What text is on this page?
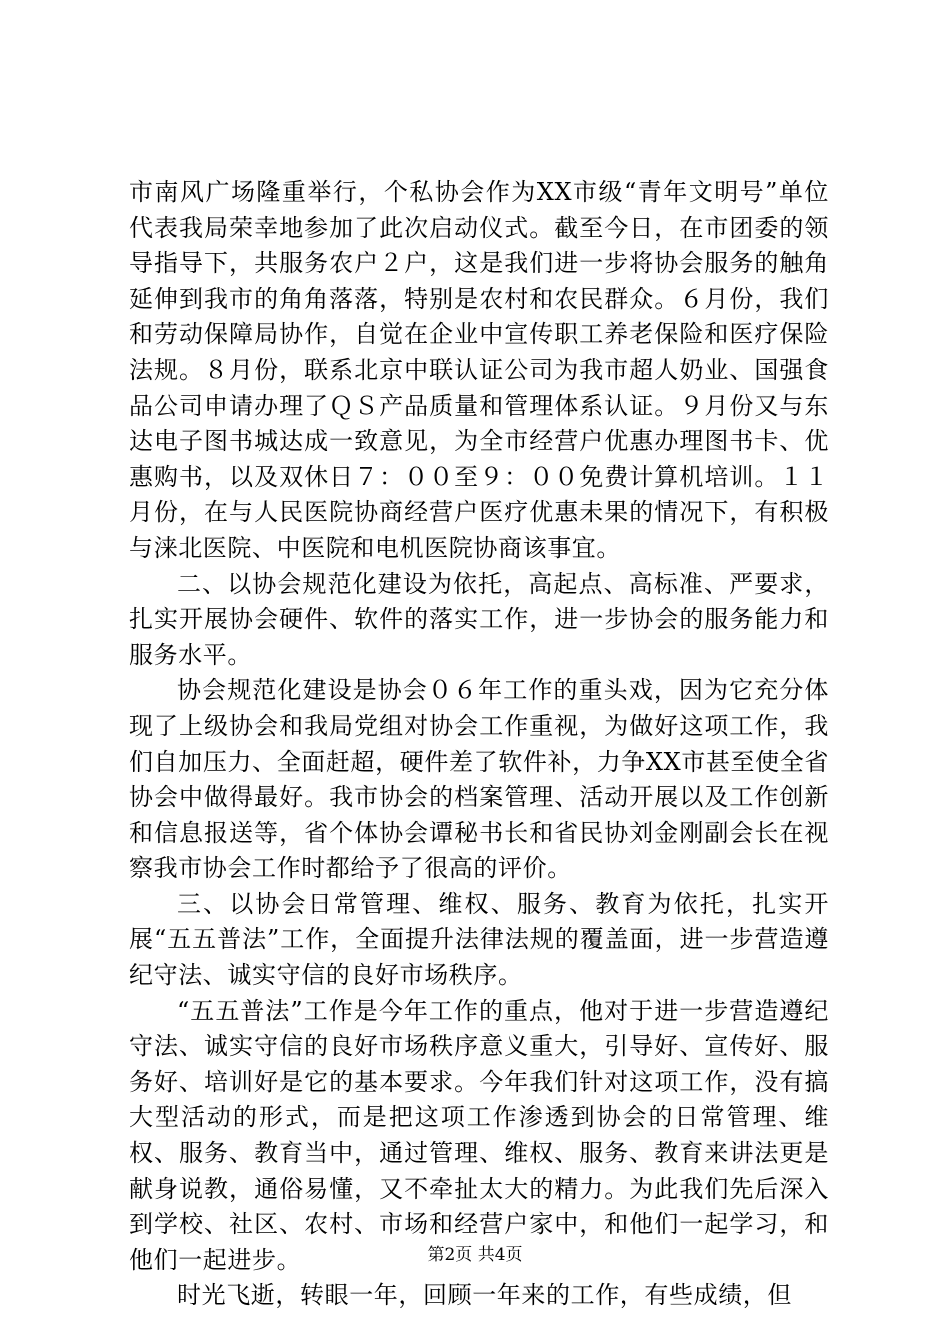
市南风广场隆重举行，个私协会作为XX市级“青年文明号”单位代表我局荣幸地参加了此次启动仪式。截至今日，在市团委的领导指导下，共服务农户２户，这是我们进一步将协会服务的触角延伸到我市的角角落落，特别是农村和农民群众。６月份，我们和劳动保障局协作，自觉在企业中宣传职工养老保险和医疗保险法规。８月份，联系北京中联认证公司为我市超人奶业、国强食品公司申请办理了ＱＳ产品质量和管理体系认证。９月份又与东达电子图书城达成一致意见，为全市经营户优惠办理图书卡、优惠购书，以及双休日７：００至９：００免费计算机培训。１１月份，在与人民医院协商经营户医疗优惠未果的情况下，有积极与涞北医院、中医院和电机医院协商该事宜。

二、以协会规范化建设为依托，高起点、高标准、严要求，扎实开展协会硬件、软件的落实工作，进一步协会的服务能力和服务水平。

协会规范化建设是协会０６年工作的重头戏，因为它充分体现了上级协会和我局党组对协会工作重视，为做好这项工作，我们自加压力、全面赶超，硬件差了软件补，力争XX市甚至使全省协会中做得最好。我市协会的档案管理、活动开展以及工作创新和信息报送等，省个体协会谭秘书长和省民协刘金刚副会长在视察我市协会工作时都给予了很高的评价。

三、以协会日常管理、维权、服务、教育为依托，扎实开展“五五普法”工作，全面提升法律法规的覆盖面，进一步营造遵纪守法、诚实守信的良好市场秩序。

“五五普法”工作是今年工作的重点，他对于进一步营造遵纪守法、诚实守信的良好市场秩序意义重大，引导好、宣传好、服务好、培训好是它的基本要求。今年我们针对这项工作，没有搞大型活动的形式，而是把这项工作渗透到协会的日常管理、维权、服务、教育当中，通过管理、维权、服务、教育来讲法更是献身说教，通俗易懂，又不牵扯太大的精力。为此我们先后深入到学校、社区、农村、市场和经营户家中，和他们一起学习，和他们一起进步。

时光飞逝，转眼一年，回顾一年来的工作，有些成绩，但

第2页 共4页
